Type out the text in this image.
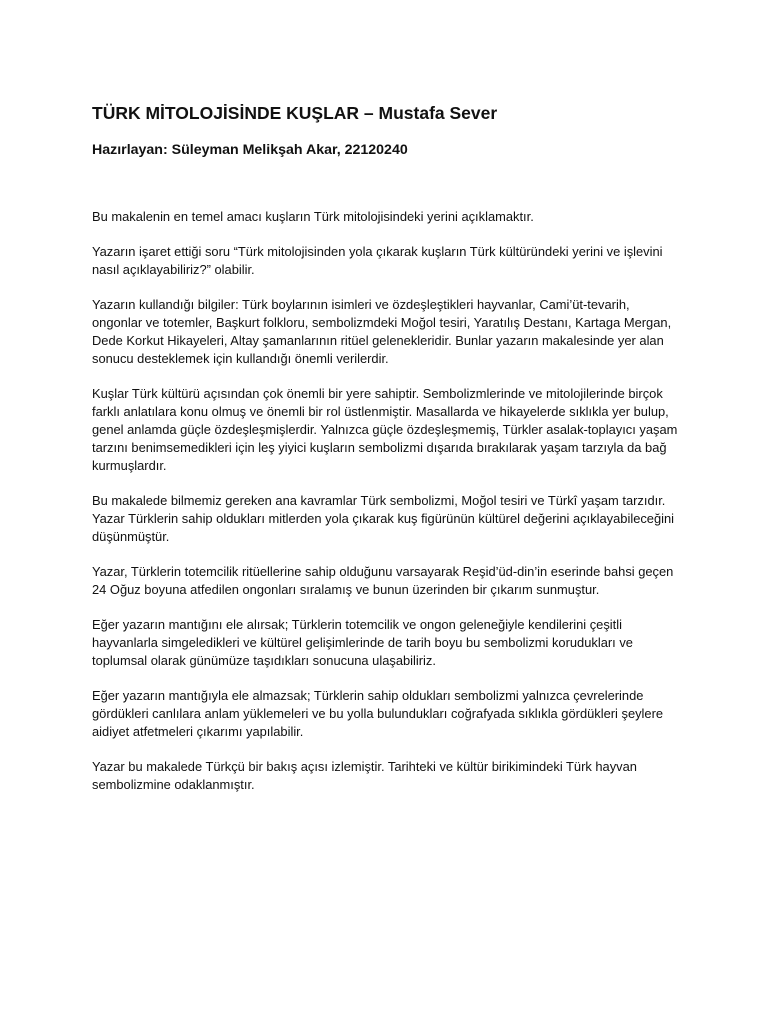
TÜRK MİTOLOJİSİNDE KUŞLAR – Mustafa Sever
Hazırlayan: Süleyman Melikşah Akar, 22120240

Bu makalenin en temel amacı kuşların Türk mitolojisindeki yerini açıklamaktır.

Yazarın işaret ettiği soru “Türk mitolojisinden yola çıkarak kuşların Türk kültüründeki yerini ve işlevini nasıl açıklayabiliriz?” olabilir.

Yazarın kullandığı bilgiler: Türk boylarının isimleri ve özdeşleştikleri hayvanlar, Cami’üt-tevarih, ongonlar ve totemler, Başkurt folkloru, sembolizmdeki Moğol tesiri, Yaratılış Destanı, Kartaga Mergan, Dede Korkut Hikayeleri, Altay şamanlarının ritüel gelenekleridir. Bunlar yazarın makalesinde yer alan sonucu desteklemek için kullandığı önemli verilerdir.

Kuşlar Türk kültürü açısından çok önemli bir yere sahiptir. Sembolizmlerinde ve mitolojilerinde birçok farklı anlatılara konu olmuş ve önemli bir rol üstlenmiştir. Masallarda ve hikayelerde sıklıkla yer bulup, genel anlamda güçle özdeşleşmişlerdir. Yalnızca güçle özdeşleşmemiş, Türkler asalak-toplayıcı yaşam tarzını benimsemedikleri için leş yiyici kuşların sembolizmi dışarıda bırakılarak yaşam tarzıyla da bağ kurmuşlardır.

Bu makalede bilmemiz gereken ana kavramlar Türk sembolizmi, Moğol tesiri ve Türkî yaşam tarzıdır. Yazar Türklerin sahip oldukları mitlerden yola çıkarak kuş figürünün kültürel değerini açıklayabileceğini düşünmüştür.

Yazar, Türklerin totemcilik ritüellerine sahip olduğunu varsayarak Reşid’üd-din’in eserinde bahsi geçen 24 Oğuz boyuna atfedilen ongonları sıralamış ve bunun üzerinden bir çıkarım sunmuştur.

Eğer yazarın mantığını ele alırsak; Türklerin totemcilik ve ongon geleneğiyle kendilerini çeşitli hayvanlarla simgeledikleri ve kültürel gelişimlerinde de tarih boyu bu sembolizmi korudukları ve toplumsal olarak günümüze taşıdıkları sonucuna ulaşabiliriz.

Eğer yazarın mantığıyla ele almazsak; Türklerin sahip oldukları sembolizmi yalnızca çevrelerinde gördükleri canlılara anlam yüklemeleri ve bu yolla bulundukları coğrafyada sıklıkla gördükleri şeylere aidiyet atfetmeleri çıkarımı yapılabilir.

Yazar bu makalede Türkçü bir bakış açısı izlemiştir. Tarihteki ve kültür birikimindeki Türk hayvan sembolizmine odaklanmıştır.
